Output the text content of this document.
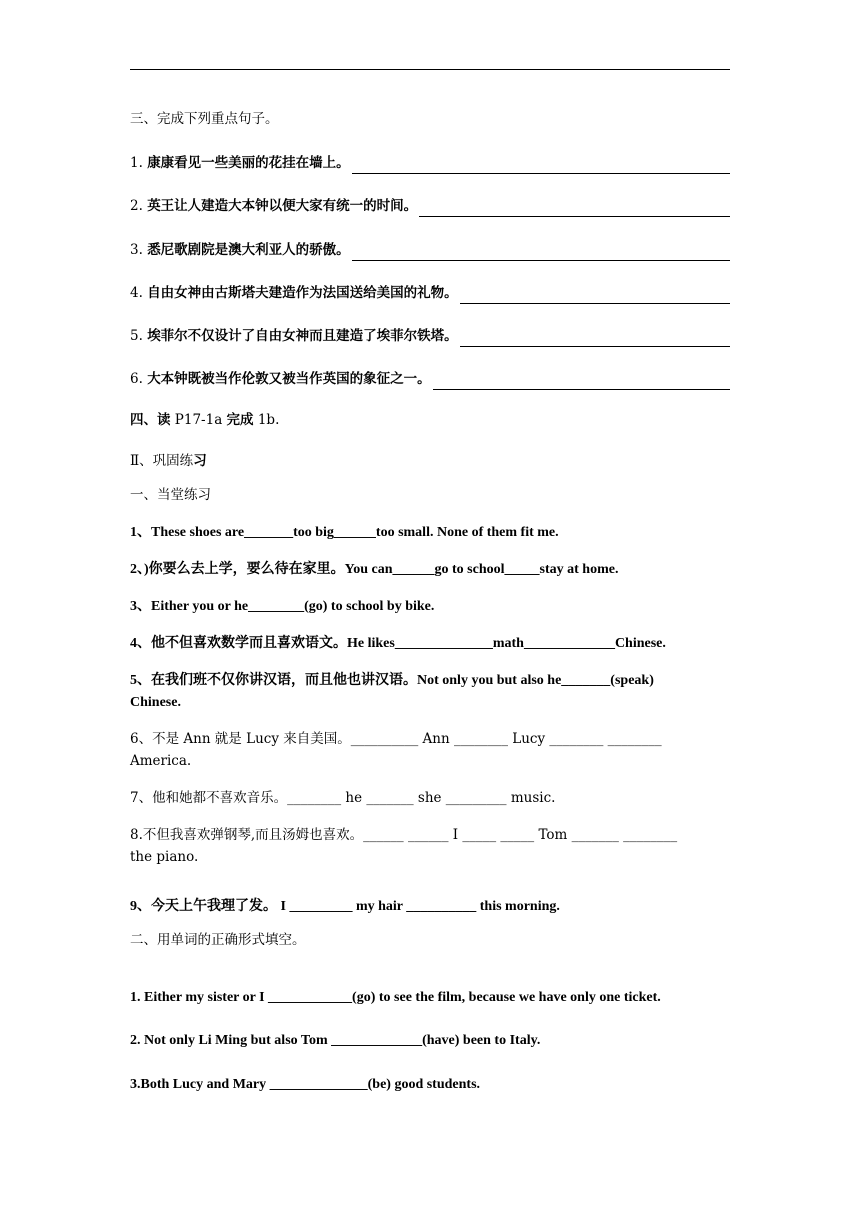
三、完成下列重点句子。
1.
康康看见一些美丽的花挂在墙上。
2.
英王让人建造大本钟以便大家有统一的时间。
3.
悉尼歌剧院是澳大利亚人的骄傲。
4.
自由女神由古斯塔夫建造作为法国送给美国的礼物。
5.
埃菲尔不仅设计了自由女神而且建造了埃菲尔铁塔。
6.
大本钟既被当作伦敦又被当作英国的象征之一。
四、读 P17-1a 完成 1b.
Ⅱ、巩固练习
一、当堂练习
1、These shoes are_______too big______too small. None of them fit me.
2、)你要么去上学，要么待在家里。You can______go to school_____stay at home.
3、Either you or he________(go) to school by bike.
4、他不但喜欢数学而且喜欢语文。He likes______________math_____________Chinese.
5、在我们班不仅你讲汉语，而且他也讲汉语。Not only you but also he_______(speak)
Chinese.
6、不是 Ann 就是 Lucy 来自美国。__________ Ann ________ Lucy ________ ________
America.
7、他和她都不喜欢音乐。________ he _______ she _________ music.
8.不但我喜欢弹钢琴,而且汤姆也喜欢。______ ______ I _____ _____ Tom _______ ________
the piano.
9、今天上午我理了发。 I _________ my hair __________ this morning.
二、用单词的正确形式填空。
1. Either my sister or I ____________(go) to see the film, because we have only one ticket.
2. Not only Li Ming but also Tom _____________(have) been to Italy.
3.Both Lucy and Mary ______________(be) good students.
